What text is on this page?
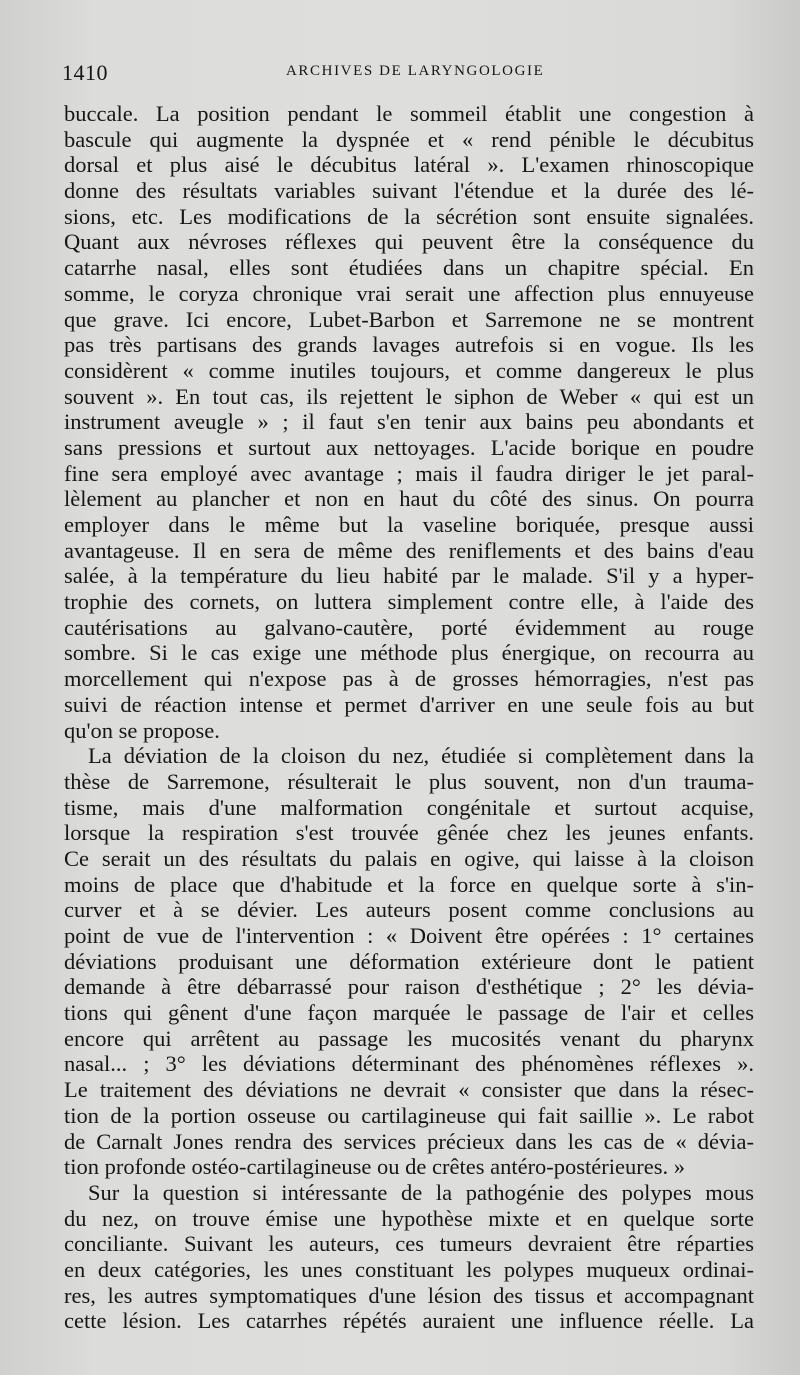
1410	ARCHIVES DE LARYNGOLOGIE
buccale. La position pendant le sommeil établit une congestion à
bascule qui augmente la dyspnée et « rend pénible le décubitus
dorsal et plus aisé le décubitus latéral ». L'examen rhinoscopique
donne des résultats variables suivant l'étendue et la durée des lé-
sions, etc. Les modifications de la sécrétion sont ensuite signalées.
Quant aux névroses réflexes qui peuvent être la conséquence du
catarrhe nasal, elles sont étudiées dans un chapitre spécial. En
somme, le coryza chronique vrai serait une affection plus ennuyeuse
que grave. Ici encore, Lubet-Barbon et Sarremone ne se montrent
pas très partisans des grands lavages autrefois si en vogue. Ils les
considèrent « comme inutiles toujours, et comme dangereux le plus
souvent ». En tout cas, ils rejettent le siphon de Weber « qui est un
instrument aveugle » ; il faut s'en tenir aux bains peu abondants et
sans pressions et surtout aux nettoyages. L'acide borique en poudre
fine sera employé avec avantage ; mais il faudra diriger le jet paral-
lèlement au plancher et non en haut du côté des sinus. On pourra
employer dans le même but la vaseline boriquée, presque aussi
avantageuse. Il en sera de même des reniflements et des bains d'eau
salée, à la température du lieu habité par le malade. S'il y a hyper-
trophie des cornets, on luttera simplement contre elle, à l'aide des
cautérisations au galvano-cautère, porté évidemment au rouge
sombre. Si le cas exige une méthode plus énergique, on recourra au
morcellement qui n'expose pas à de grosses hémorragies, n'est pas
suivi de réaction intense et permet d'arriver en une seule fois au but
qu'on se propose.
La déviation de la cloison du nez, étudiée si complètement dans la
thèse de Sarremone, résulterait le plus souvent, non d'un trauma-
tisme, mais d'une malformation congénitale et surtout acquise,
lorsque la respiration s'est trouvée gênée chez les jeunes enfants.
Ce serait un des résultats du palais en ogive, qui laisse à la cloison
moins de place que d'habitude et la force en quelque sorte à s'in-
curver et à se dévier. Les auteurs posent comme conclusions au
point de vue de l'intervention : « Doivent être opérées : 1° certaines
déviations produisant une déformation extérieure dont le patient
demande à être débarrassé pour raison d'esthétique ; 2° les dévia-
tions qui gênent d'une façon marquée le passage de l'air et celles
encore qui arrêtent au passage les mucosités venant du pharynx
nasal... ; 3° les déviations déterminant des phénomènes réflexes ».
Le traitement des déviations ne devrait « consister que dans la résec-
tion de la portion osseuse ou cartilagineuse qui fait saillie ». Le rabot
de Carnalt Jones rendra des services précieux dans les cas de « dévia-
tion profonde ostéo-cartilagineuse ou de crêtes antéro-postérieures. »
Sur la question si intéressante de la pathogénie des polypes mous
du nez, on trouve émise une hypothèse mixte et en quelque sorte
conciliante. Suivant les auteurs, ces tumeurs devraient être réparties
en deux catégories, les unes constituant les polypes muqueux ordinai-
res, les autres symptomatiques d'une lésion des tissus et accompagnant
cette lésion. Les catarrhes répétés auraient une influence réelle. La
